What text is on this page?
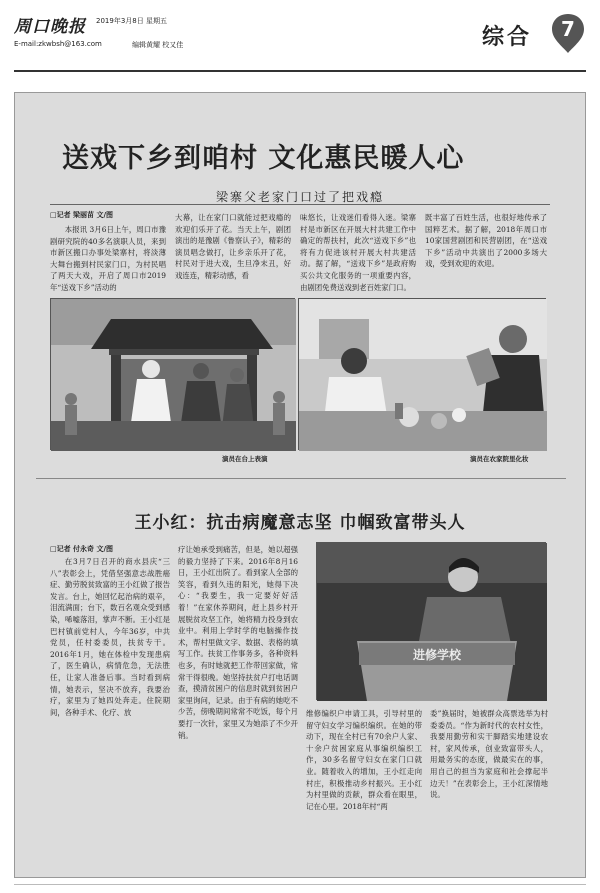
周口晚报 2019年3月8日 星期五
E-mail:zkwbsh@163.com	编辑黄耀 校又佳	综合	7
送戏下乡到咱村 文化惠民暖人心
梁寨父老家门口过了把戏瘾
□记者 梁丽苗 文/图
本报讯 3月6日上午，周口市豫剧研究院的40多名演职人员，来到市新区搬口办事处梁寨村，将淡薄大舞台搬到村民家门口，为村民唱了两天大戏，开启了周口市2019年“送戏下乡”活动的
大幕，让在家门口就能过把戏瘾的欢迎们乐开了花。当天上午，剧团演出的是豫剧《鲁察认子》，精彩的演员唱念做打，让乡亲乐开了花，村民对于进大戏，生旦净末丑，好戏连连，精彩动感，看
味悠长，让戏迷们看得入迷。梁寨村是市新区在开展大村共建工作中确定的帮扶村，此次“送戏下乡”也将有力促进该村开展大村共建活动。据了解，“送戏下乡”是政府购买公共文化服务的一项重要内容，由剧团免费送戏到老百姓家门口。
既丰富了百姓生活，也很好地传承了国粹艺术。据了解，2018年周口市10家国营剧团和民营剧团，在“送戏下乡”活动中共演出了2000多场大戏，受到欢迎的欢迎。
演员在台上表演	演员在农家院里化妆
王小红：抗击病魔意志坚 巾帼致富带头人
□记者 付永奇 文/图

在3月7日召开的商水县庆“三八”表彰会上，凭借坚强意志战胜癌症、勤劳脱贫致富的王小红做了报告发言。台上，她回忆起治病的艰辛，泪流满面；台下，数百名观众受到感染，唏嘘落泪，掌声不断。王小红是巴村镇前党村人，今年36岁，中共党员，任村委委员，扶贫专干。2016年1月，她在体检中发现患病了，医生确认，病情危急，无法胜任，让家人准备后事。当时看到病情，她表示，坚决不放弃，我要治疗，家里为了她四处奔走。住院期间，各种手术、化疗、放

疗让她承受到痛苦，但是，她以超强的毅力坚持了下来。2016年8月16日，王小红出院了。看到家人全部的笑容，看到久违的阳光，她得下决心：“我要生，我一定要好好活着！”在家休养期间，赶上县乡村开展脱贫攻坚工作，她将精力投身到农业中。利用上学时学的电脑操作技术，帮村里做文字、数据、表格的填写工作。扶贫工作事务多，各种资料也多，有时她就把工作带回家做，常常干得很晚。她坚持扶贫户打电话调查，摸清贫困户的信息时就到贫困户家里询问，记录。由于有病的她吃不少苦，傍晚期间常常不吃饭，每个月要打一次针，家里又为她添了不少开销。
进修学校
维修编织户申请工具，引导村里的留守妇女学习编织编织。在她的带动下，现在全村已有70余户人家、十余户贫困家庭从事编织编织工作，30多名留守妇女在家门口就业。随着收入的增加，王小红走向村庄，积极推动乡村振兴。王小红为村里做的贡献，群众看在眼里，记在心里。2018年村“两
委”换届时，她被群众高票选举为村委委员。“作为新时代的农村女性，我要用勤劳和实干脚踏实地建设农村，家风传承，创业致富带头人，用最务实的态度，做最实在的事，用自己的担当为家庭和社会撑起半边天！”在表彰会上，王小红深情地说。
